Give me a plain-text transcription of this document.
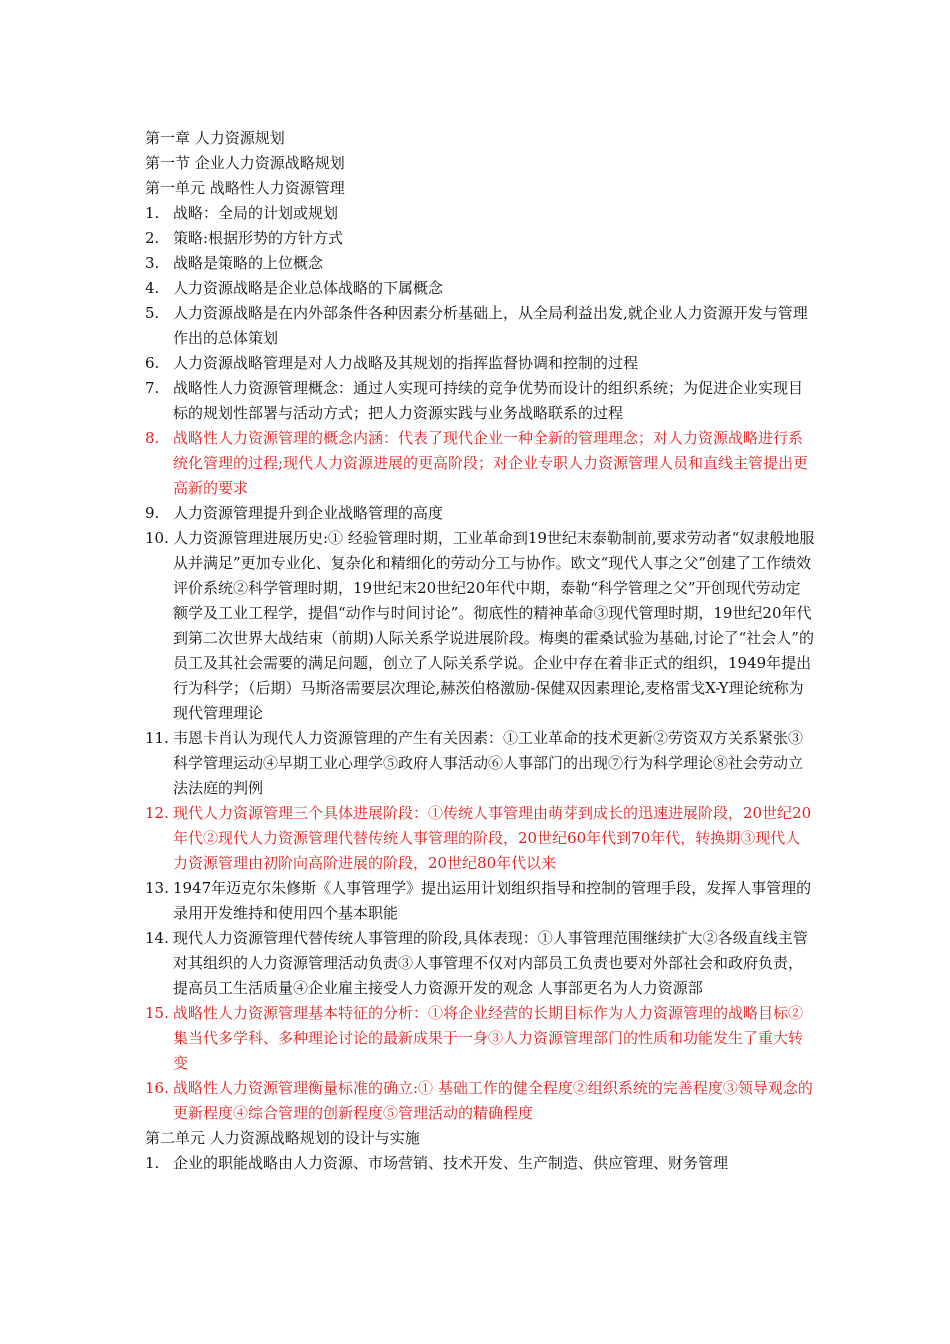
第一章 人力资源规划
第一节 企业人力资源战略规划
第一单元 战略性人力资源管理
1. 战略：全局的计划或规划
2. 策略:根据形势的方针方式
3. 战略是策略的上位概念
4. 人力资源战略是企业总体战略的下属概念
5. 人力资源战略是在内外部条件各种因素分析基础上，从全局利益出发,就企业人力资源开发与管理作出的总体策划
6. 人力资源战略管理是对人力战略及其规划的指挥监督协调和控制的过程
7. 战略性人力资源管理概念：通过人实现可持续的竞争优势而设计的组织系统；为促进企业实现目标的规划性部署与活动方式；把人力资源实践与业务战略联系的过程
8. 战略性人力资源管理的概念内涵：代表了现代企业一种全新的管理理念；对人力资源战略进行系统化管理的过程;现代人力资源进展的更高阶段；对企业专职人力资源管理人员和直线主管提出更高新的要求
9. 人力资源管理提升到企业战略管理的高度
10. 人力资源管理进展历史:① 经验管理时期，工业革命到19世纪末泰勒制前,要求劳动者“奴隶般地服从并满足”更加专业化、复杂化和精细化的劳动分工与协作。欧文“现代人事之父”创建了工作绩效评价系统②科学管理时期，19世纪末20世纪20年代中期，泰勒“科学管理之父”开创现代劳动定额学及工业工程学，提倡“动作与时间讨论”。彻底性的精神革命③现代管理时期，19世纪20年代到第二次世界大战结束（前期)人际关系学说进展阶段。梅奥的霍桑试验为基础,讨论了“社会人”的员工及其社会需要的满足问题，创立了人际关系学说。企业中存在着非正式的组织，1949年提出行为科学；（后期）马斯洛需要层次理论,赫茨伯格激励-保健双因素理论,麦格雷戈X-Y理论统称为现代管理理论
11. 韦恩卡肖认为现代人力资源管理的产生有关因素：①工业革命的技术更新②劳资双方关系紧张③科学管理运动④早期工业心理学⑤政府人事活动⑥人事部门的出现⑦行为科学理论⑧社会劳动立法法庭的判例
12. 现代人力资源管理三个具体进展阶段：①传统人事管理由萌芽到成长的迅速进展阶段，20世纪20年代②现代人力资源管理代替传统人事管理的阶段，20世纪60年代到70年代，转换期③现代人力资源管理由初阶向高阶进展的阶段，20世纪80年代以来
13. 1947年迈克尔朱修斯《人事管理学》提出运用计划组织指导和控制的管理手段，发挥人事管理的录用开发维持和使用四个基本职能
14. 现代人力资源管理代替传统人事管理的阶段,具体表现：①人事管理范围继续扩大②各级直线主管对其组织的人力资源管理活动负责③人事管理不仅对内部员工负责也要对外部社会和政府负责，提高员工生活质量④企业雇主接受人力资源开发的观念 人事部更名为人力资源部
15. 战略性人力资源管理基本特征的分析：①将企业经营的长期目标作为人力资源管理的战略目标②集当代多学科、多种理论讨论的最新成果于一身③人力资源管理部门的性质和功能发生了重大转变
16. 战略性人力资源管理衡量标准的确立:① 基础工作的健全程度②组织系统的完善程度③领导观念的更新程度④综合管理的创新程度⑤管理活动的精确程度
第二单元 人力资源战略规划的设计与实施
1. 企业的职能战略由人力资源、市场营销、技术开发、生产制造、供应管理、财务管理
